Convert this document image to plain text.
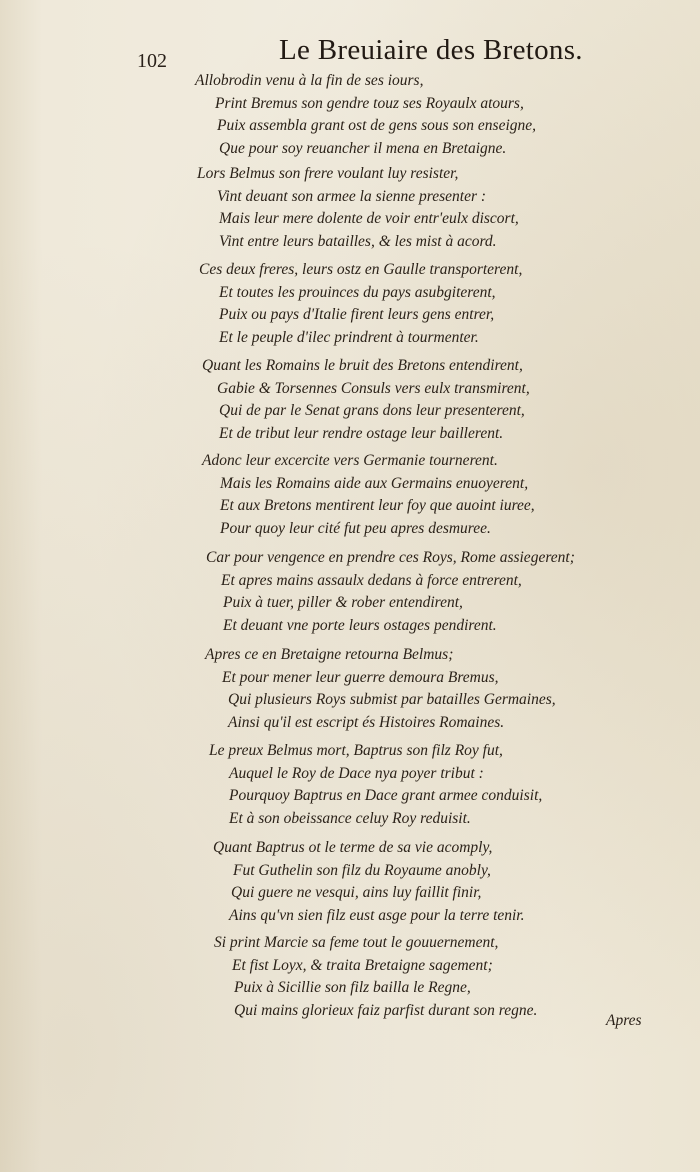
102	Le Breuiaire des Bretons.
Allobrodin venu à la fin de ses iours,
Print Bremus son gendre touz ses Royaulx atours,
Puix assembla grant ost de gens sous son enseigne,
Que pour soy reuancher il mena en Bretaigne.
Lors Belmus son frere voulant luy resister,
Vint deuant son armee la sienne presenter :
Mais leur mere dolente de voir entr'eulx discort,
Vint entre leurs batailles, & les mist à acord.
Ces deux freres, leurs ostz en Gaulle transporterent,
Et toutes les prouinces du pays asubgiterent,
Puix ou pays d'Italie firent leurs gens entrer,
Et le peuple d'ilec prindrent à tourmenter.
Quant les Romains le bruit des Bretons entendirent,
Gabie & Torsennes Consuls vers eulx transmirent,
Qui de par le Senat grans dons leur presenterent,
Et de tribut leur rendre ostage leur baillerent.
Adonc leur excercite vers Germanie tournerent.
Mais les Romains aide aux Germains enuoyerent,
Et aux Bretons mentirent leur foy que auoint iuree,
Pour quoy leur cité fut peu apres desmuree.
Car pour vengence en prendre ces Roys, Rome assiegerent;
Et apres mains assaulx dedans à force entrerent,
Puix à tuer, piller & rober entendirent,
Et deuant vne porte leurs ostages pendirent.
Apres ce en Bretaigne retourna Belmus;
Et pour mener leur guerre demoura Bremus,
Qui plusieurs Roys submist par batailles Germaines,
Ainsi qu'il est escript és Histoires Romaines.
Le preux Belmus mort, Baptrus son filz Roy fut,
Auquel le Roy de Dace nya poyer tribut :
Pourquoy Baptrus en Dace grant armee conduisit,
Et à son obeissance celuy Roy reduisit.
Quant Baptrus ot le terme de sa vie acomply,
Fut Guthelin son filz du Royaume anobly,
Qui guere ne vesqui, ains luy faillit finir,
Ains qu'vn sien filz eust asge pour la terre tenir.
Si print Marcie sa feme tout le gouuernement,
Et fist Loyx, & traita Bretaigne sagement;
Puix à Sicillie son filz bailla le Regne,
Qui mains glorieux faiz parfist durant son regne.
Apres
